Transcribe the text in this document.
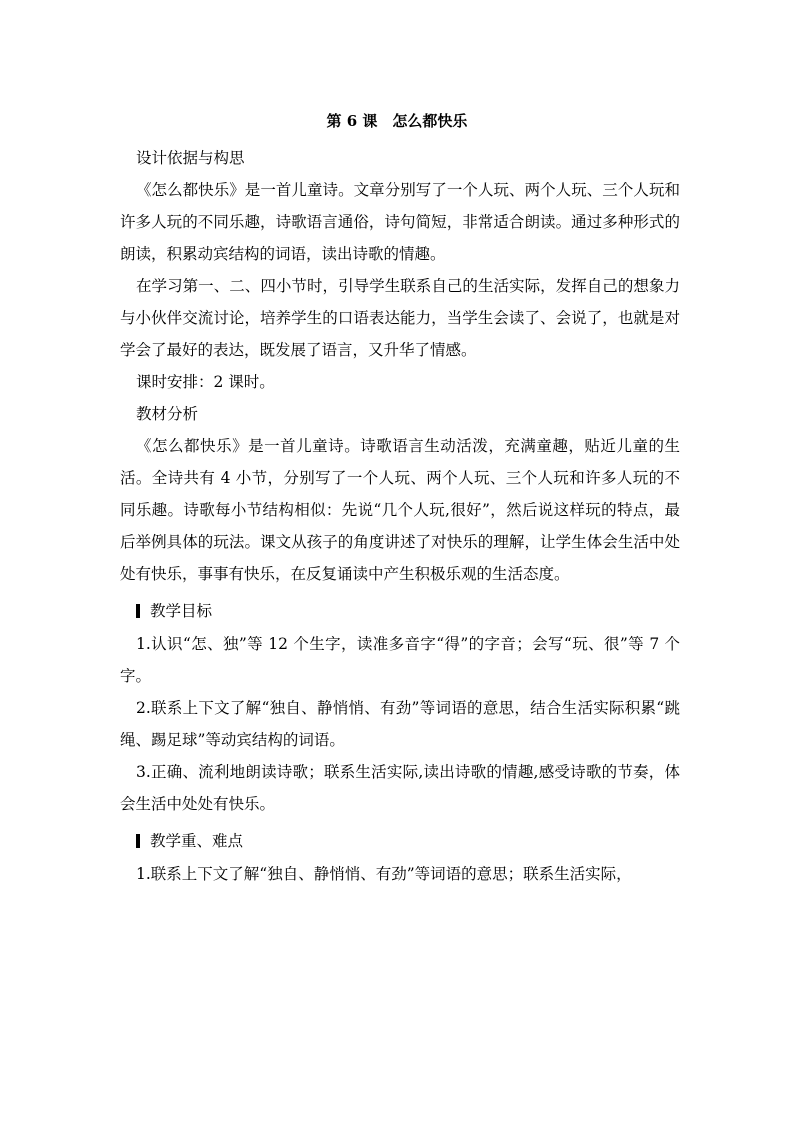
第 6 课　怎么都快乐

设计依据与构思

《怎么都快乐》是一首儿童诗。文章分别写了一个人玩、两个人玩、三个人玩和许多人玩的不同乐趣，诗歌语言通俗，诗句简短，非常适合朗读。通过多种形式的朗读，积累动宾结构的词语，读出诗歌的情趣。

在学习第一、二、四小节时，引导学生联系自己的生活实际，发挥自己的想象力与小伙伴交流讨论，培养学生的口语表达能力，当学生会读了、会说了，也就是对学会了最好的表达，既发展了语言，又升华了情感。

课时安排：2 课时。

教材分析

《怎么都快乐》是一首儿童诗。诗歌语言生动活泼，充满童趣，贴近儿童的生活。全诗共有 4 小节，分别写了一个人玩、两个人玩、三个人玩和许多人玩的不同乐趣。诗歌每小节结构相似：先说“几个人玩,很好”，然后说这样玩的特点，最后举例具体的玩法。课文从孩子的角度讲述了对快乐的理解，让学生体会生活中处处有快乐，事事有快乐，在反复诵读中产生积极乐观的生活态度。

教学目标

1.认识“怎、独”等 12 个生字，读准多音字“得”的字音；会写“玩、很”等 7 个字。

2.联系上下文了解“独自、静悄悄、有劲”等词语的意思，结合生活实际积累“跳绳、踢足球”等动宾结构的词语。

3.正确、流利地朗读诗歌；联系生活实际,读出诗歌的情趣,感受诗歌的节奏，体会生活中处处有快乐。

教学重、难点

1.联系上下文了解“独自、静悄悄、有劲”等词语的意思；联系生活实际，
